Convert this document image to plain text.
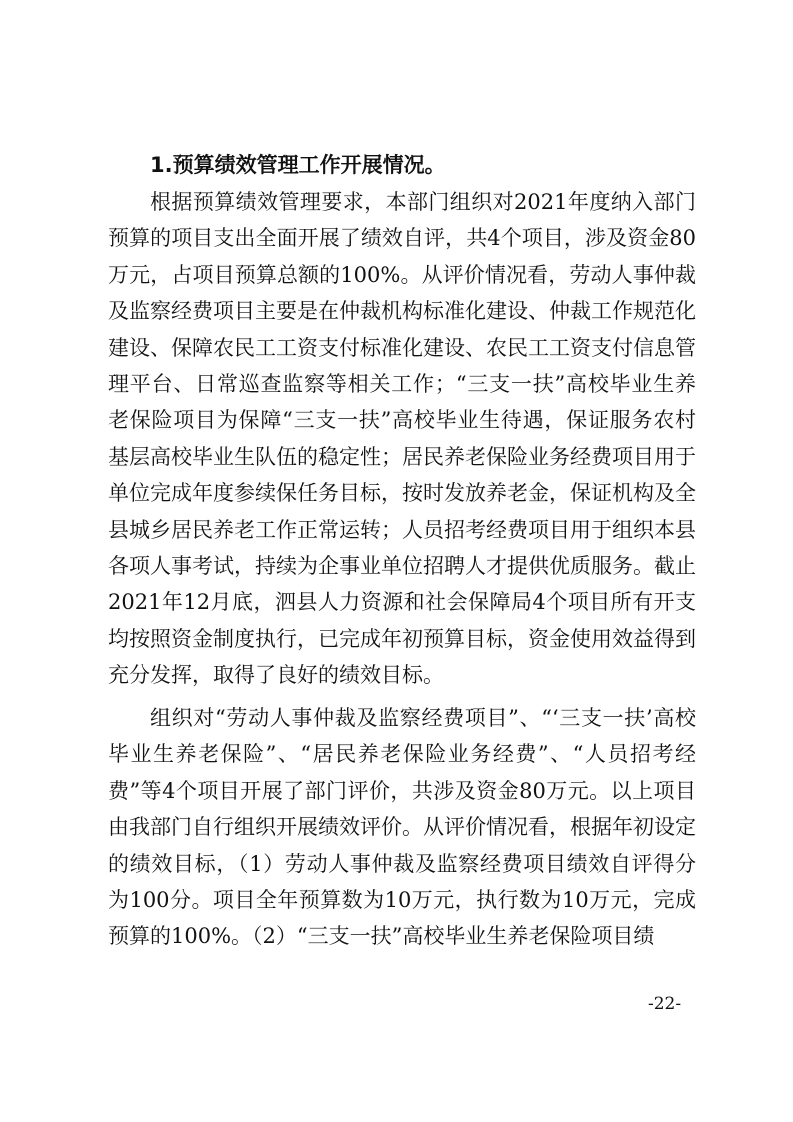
1.预算绩效管理工作开展情况。

根据预算绩效管理要求，本部门组织对2021年度纳入部门预算的项目支出全面开展了绩效自评，共4个项目，涉及资金80万元，占项目预算总额的100%。从评价情况看，劳动人事仲裁及监察经费项目主要是在仲裁机构标准化建设、仲裁工作规范化建设、保障农民工工资支付标准化建设、农民工工资支付信息管理平台、日常巡查监察等相关工作；“三支一扶”高校毕业生养老保险项目为保障“三支一扶”高校毕业生待遇，保证服务农村基层高校毕业生队伍的稳定性；居民养老保险业务经费项目用于单位完成年度参续保任务目标，按时发放养老金，保证机构及全县城乡居民养老工作正常运转；人员招考经费项目用于组织本县各项人事考试，持续为企事业单位招聘人才提供优质服务。截止2021年12月底，泗县人力资源和社会保障局4个项目所有开支均按照资金制度执行，已完成年初预算目标，资金使用效益得到充分发挥，取得了良好的绩效目标。

组织对“劳动人事仲裁及监察经费项目”、“‘三支一扶’高校毕业生养老保险”、“居民养老保险业务经费”、“人员招考经费”等4个项目开展了部门评价，共涉及资金80万元。以上项目由我部门自行组织开展绩效评价。从评价情况看，根据年初设定的绩效目标，（1）劳动人事仲裁及监察经费项目绩效自评得分为100分。项目全年预算数为10万元，执行数为10万元，完成预算的100%。（2）“三支一扶”高校毕业生养老保险项目绩

-22-
